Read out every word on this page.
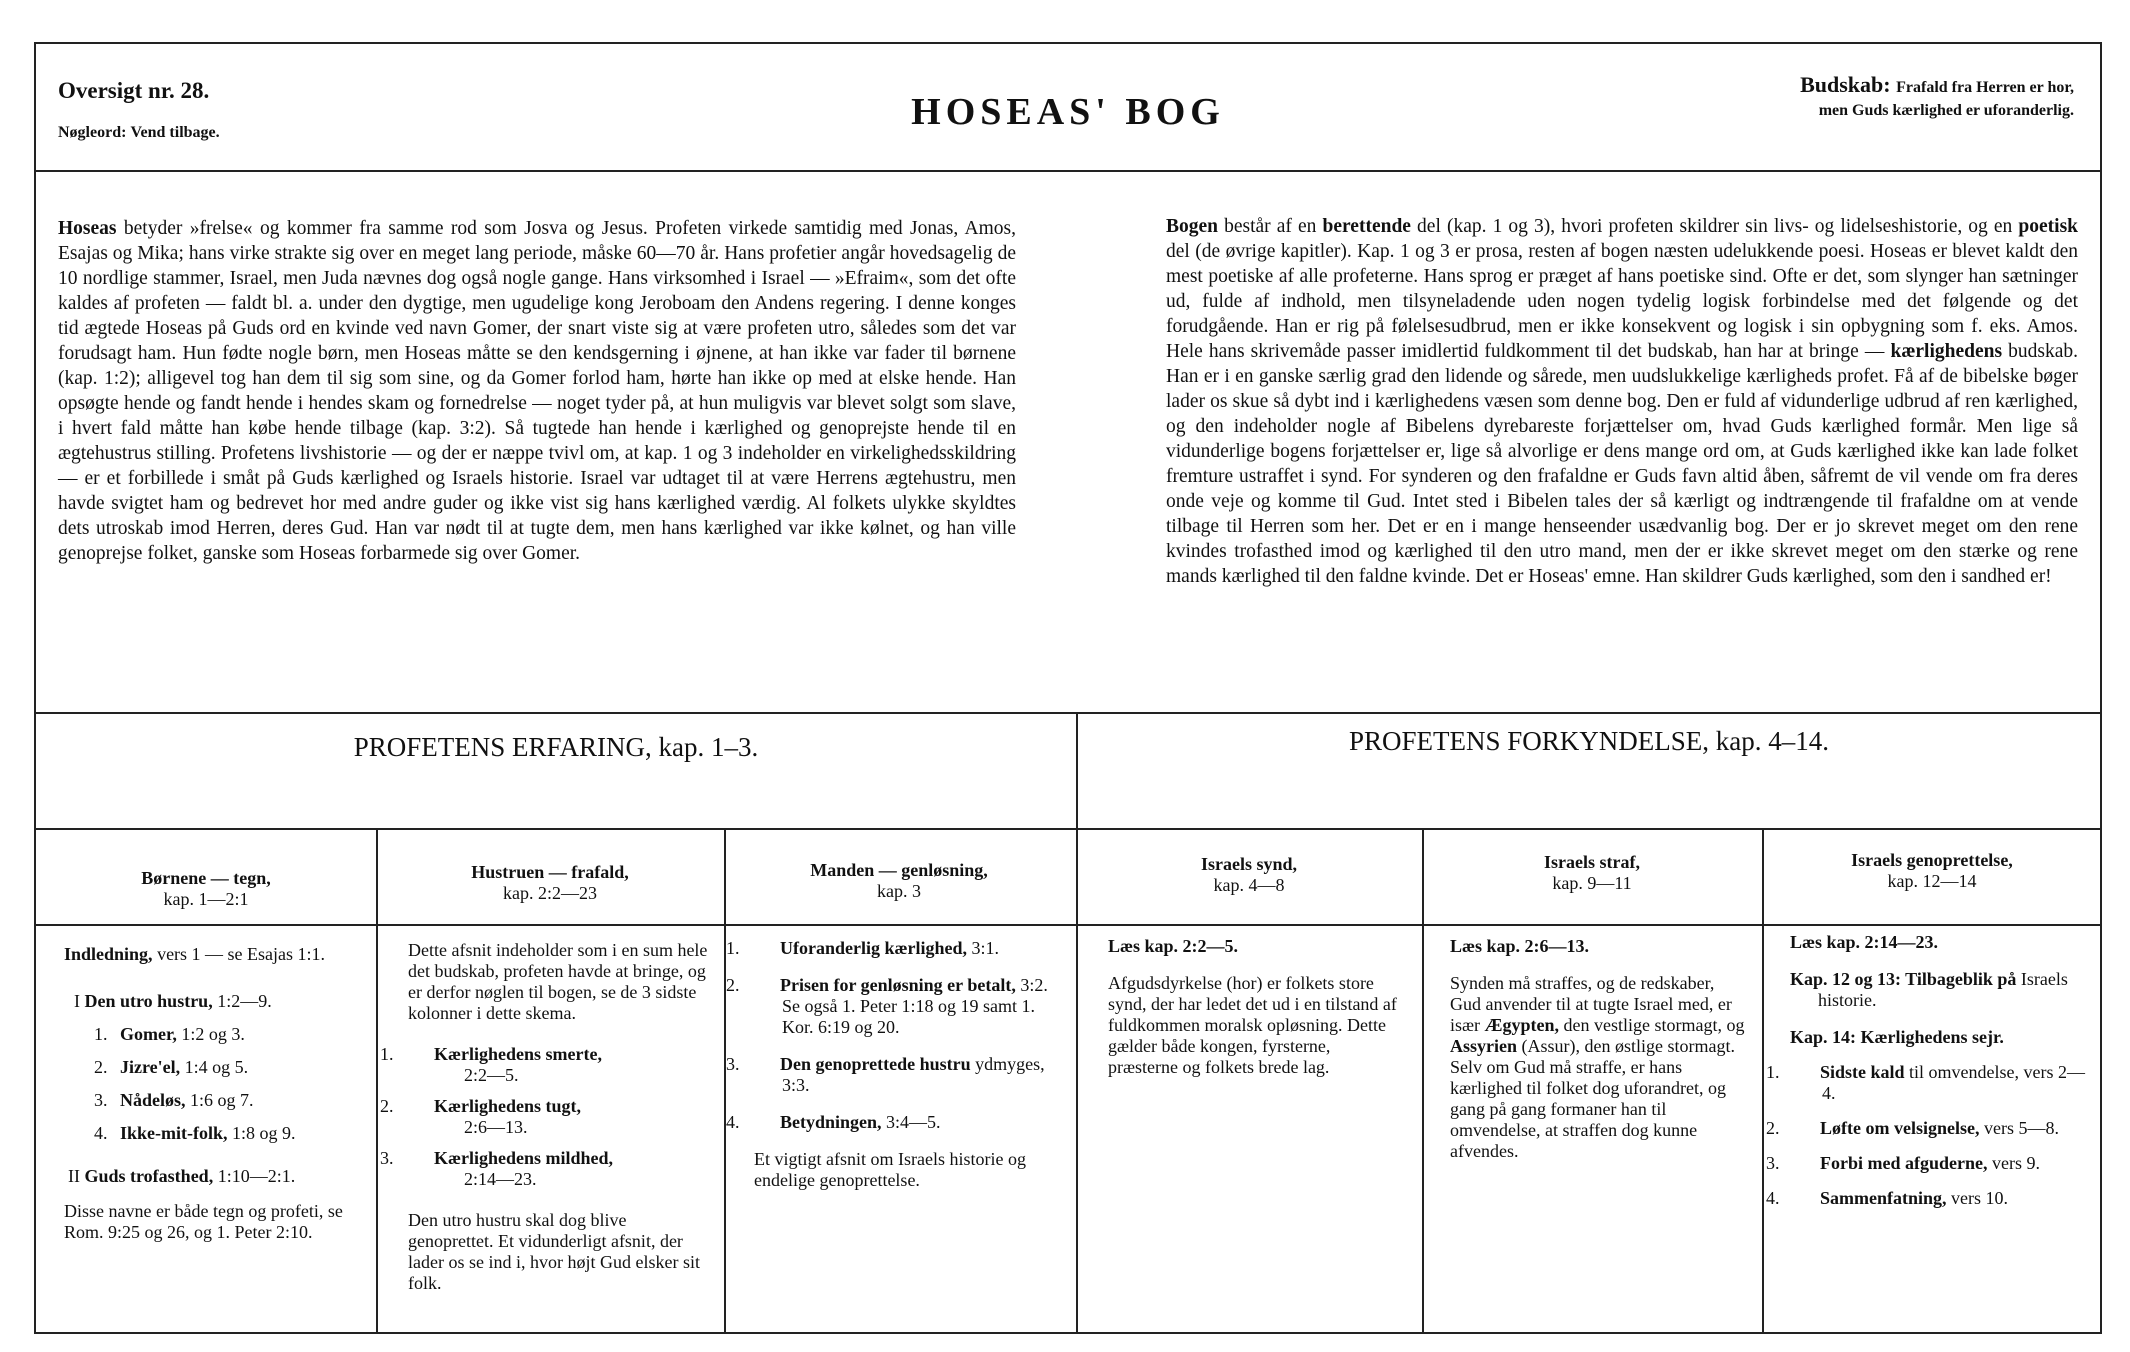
Oversigt nr. 28.
Nøgleord: Vend tilbage.	HOSEAS' BOG
Budskab: Frafald fra Herren er hor,
men Guds kærlighed er uforanderlig.

Hoseas betyder »frelse« og kommer fra samme rod som Josva og Jesus. Profeten virkede samtidig med Jonas, Amos, Esajas og Mika; hans virke strakte sig over en meget lang periode, måske 60—70 år. Hans profetier angår hovedsagelig de 10 nordlige stammer, Israel, men Juda nævnes dog også nogle gange. Hans virksomhed i Israel — »Efraim«, som det ofte kaldes af profeten — faldt bl. a. under den dygtige, men ugudelige kong Jeroboam den Andens regering. I denne konges tid ægtede Hoseas på Guds ord en kvinde ved navn Gomer, der snart viste sig at være profeten utro, således som det var forudsagt ham. Hun fødte nogle børn, men Hoseas måtte se den kendsgerning i øjnene, at han ikke var fader til børnene (kap. 1:2); alligevel tog han dem til sig som sine, og da Gomer forlod ham, hørte han ikke op med at elske hende. Han opsøgte hende og fandt hende i hendes skam og fornedrelse — noget tyder på, at hun muligvis var blevet solgt som slave, i hvert fald måtte han købe hende tilbage (kap. 3:2). Så tugtede han hende i kærlighed og genoprejste hende til en ægtehustrus stilling. Profetens livshistorie — og der er næppe tvivl om, at kap. 1 og 3 indeholder en virkelighedsskildring — er et forbillede i småt på Guds kærlighed og Israels historie. Israel var udtaget til at være Herrens ægtehustru, men havde svigtet ham og bedrevet hor med andre guder og ikke vist sig hans kærlighed værdig. Al folkets ulykke skyldtes dets utroskab imod Herren, deres Gud. Han var nødt til at tugte dem, men hans kærlighed var ikke kølnet, og han ville genoprejse folket, ganske som Hoseas forbarmede sig over Gomer.

Bogen består af en berettende del (kap. 1 og 3), hvori profeten skildrer sin livs- og lidelseshistorie, og en poetisk del (de øvrige kapitler). Kap. 1 og 3 er prosa, resten af bogen næsten udelukkende poesi. Hoseas er blevet kaldt den mest poetiske af alle profeterne. Hans sprog er præget af hans poetiske sind. Ofte er det, som slynger han sætninger ud, fulde af indhold, men tilsyneladende uden nogen tydelig logisk forbindelse med det følgende og det forudgående. Han er rig på følelsesudbrud, men er ikke konsekvent og logisk i sin opbygning som f. eks. Amos. Hele hans skrivemåde passer imidlertid fuldkomment til det budskab, han har at bringe — kærlighedens budskab. Han er i en ganske særlig grad den lidende og sårede, men uudslukkelige kærligheds profet. Få af de bibelske bøger lader os skue så dybt ind i kærlighedens væsen som denne bog. Den er fuld af vidunderlige udbrud af ren kærlighed, og den indeholder nogle af Bibelens dyrebareste forjættelser om, hvad Guds kærlighed formår. Men lige så vidunderlige bogens forjættelser er, lige så alvorlige er dens mange ord om, at Guds kærlighed ikke kan lade folket fremture ustraffet i synd. For synderen og den frafaldne er Guds favn altid åben, såfremt de vil vende om fra deres onde veje og komme til Gud. Intet sted i Bibelen tales der så kærligt og indtrængende til frafaldne om at vende tilbage til Herren som her. Det er en i mange henseender usædvanlig bog. Der er jo skrevet meget om den rene kvindes trofasthed imod og kærlighed til den utro mand, men der er ikke skrevet meget om den stærke og rene mands kærlighed til den faldne kvinde. Det er Hoseas' emne. Han skildrer Guds kærlighed, som den i sandhed er!

PROFETENS ERFARING, kap. 1–3.	PROFETENS FORKYNDELSE, kap. 4–14.
Børnene — tegn,
kap. 1—2:1
Hustruen — frafald,
kap. 2:2—23
Manden — genløsning,
kap. 3
Israels synd,
kap. 4—8
Israels straf,
kap. 9—11
Israels genoprettelse,
kap. 12—14

Indledning, vers 1 — se Esajas 1:1.

I Den utro hustru, 1:2—9.

1. Gomer, 1:2 og 3.

2. Jizre'el, 1:4 og 5.

3. Nådeløs, 1:6 og 7.

4. Ikke-mit-folk, 1:8 og 9.

II Guds trofasthed, 1:10—2:1.

Disse navne er både tegn og profeti, se Rom. 9:25 og 26, og 1. Peter 2:10.

Dette afsnit indeholder som i en sum hele det budskab, profeten havde at bringe, og er derfor nøglen til bogen, se de 3 sidste kolonner i dette skema.

1. Kærlighedens smerte,
2:2—5.

2. Kærlighedens tugt,
2:6—13.

3. Kærlighedens mildhed,
2:14—23.

Den utro hustru skal dog blive genoprettet. Et vidunderligt afsnit, der lader os se ind i, hvor højt Gud elsker sit folk.

1. Uforanderlig kærlighed, 3:1.

2. Prisen for genløsning er betalt, 3:2. Se også 1. Peter 1:18 og 19 samt 1. Kor. 6:19 og 20.

3. Den genoprettede hustru ydmyges, 3:3.

4. Betydningen, 3:4—5.

Et vigtigt afsnit om Israels historie og endelige genoprettelse.

Læs kap. 2:2—5.

Afgudsdyrkelse (hor) er folkets store synd, der har ledet det ud i en tilstand af fuldkommen moralsk opløsning. Dette gælder både kongen, fyrsterne, præsterne og folkets brede lag.

Læs kap. 2:6—13.

Synden må straffes, og de redskaber, Gud anvender til at tugte Israel med, er især Ægypten, den vestlige stormagt, og Assyrien (Assur), den østlige stormagt. Selv om Gud må straffe, er hans kærlighed til folket dog uforandret, og gang på gang formaner han til omvendelse, at straffen dog kunne afvendes.

Læs kap. 2:14—23.

Kap. 12 og 13: Tilbageblik på Israels historie.

Kap. 14: Kærlighedens sejr.

1. Sidste kald til omvendelse, vers 2—4.

2. Løfte om velsignelse, vers 5—8.

3. Forbi med afguderne, vers 9.

4. Sammenfatning, vers 10.
